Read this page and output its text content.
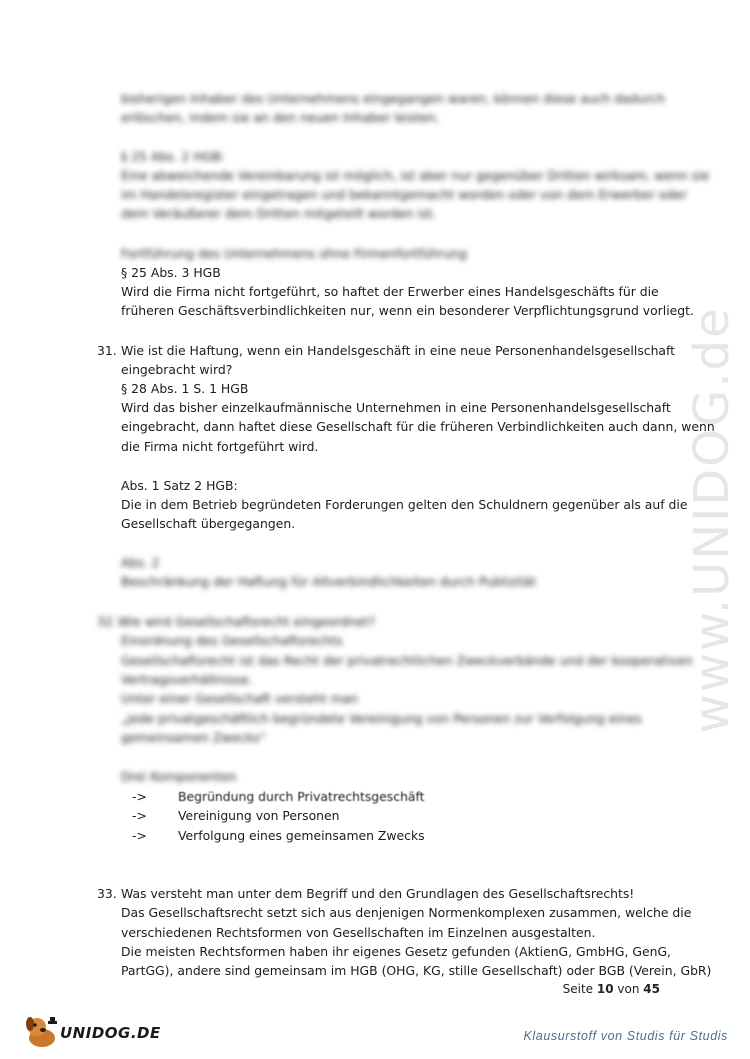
www.UNIDOG.de
bisherigen Inhaber des Unternehmens eingegangen waren, können diese auch dadurch
erlöschen, indem sie an den neuen Inhaber leisten.
§ 25 Abs. 2 HGB:
Eine abweichende Vereinbarung ist möglich, ist aber nur gegenüber Dritten wirksam, wenn sie
im Handelsregister eingetragen und bekanntgemacht worden oder von dem Erwerber oder
dem Veräußerer dem Dritten mitgeteilt worden ist.
Fortführung des Unternehmens ohne Firmenfortführung
§ 25 Abs. 3 HGB
Wird die Firma nicht fortgeführt, so haftet der Erwerber eines Handelsgeschäfts für die
früheren Geschäftsverbindlichkeiten nur, wenn ein besonderer Verpflichtungsgrund vorliegt.
31. Wie ist die Haftung, wenn ein Handelsgeschäft in eine neue Personenhandelsgesellschaft
eingebracht wird?
§ 28 Abs. 1 S. 1 HGB
Wird das bisher einzelkaufmännische Unternehmen in eine Personenhandelsgesellschaft
eingebracht, dann haftet diese Gesellschaft für die früheren Verbindlichkeiten auch dann, wenn
die Firma nicht fortgeführt wird.
Abs. 1 Satz 2 HGB:
Die in dem Betrieb begründeten Forderungen gelten den Schuldnern gegenüber als auf die
Gesellschaft übergegangen.
Abs. 2
Beschränkung der Haftung für Altverbindlichkeiten durch Publizität
32. Wie wird Gesellschaftsrecht eingeordnet?
Einordnung des Gesellschaftsrechts
Gesellschaftsrecht ist das Recht der privatrechtlichen Zweckverbände und der kooperativen
Vertragsverhältnisse.
Unter einer Gesellschaft versteht man
„jede privatgeschäftlich begründete Vereinigung von Personen zur Verfolgung eines
gemeinsamen Zwecks“
Drei Komponenten
->	Begründung durch Privatrechtsgeschäft
->	Vereinigung von Personen
->	Verfolgung eines gemeinsamen Zwecks
33. Was versteht man unter dem Begriff und den Grundlagen des Gesellschaftsrechts!
Das Gesellschaftsrecht setzt sich aus denjenigen Normenkomplexen zusammen, welche die
verschiedenen Rechtsformen von Gesellschaften im Einzelnen ausgestalten.
Die meisten Rechtsformen haben ihr eigenes Gesetz gefunden (AktienG, GmbHG, GenG,
PartGG), andere sind gemeinsam im HGB (OHG, KG, stille Gesellschaft) oder BGB (Verein, GbR)
Seite 10 von 45
UNIDOG.DE	Klausurstoff von Studis für Studis
